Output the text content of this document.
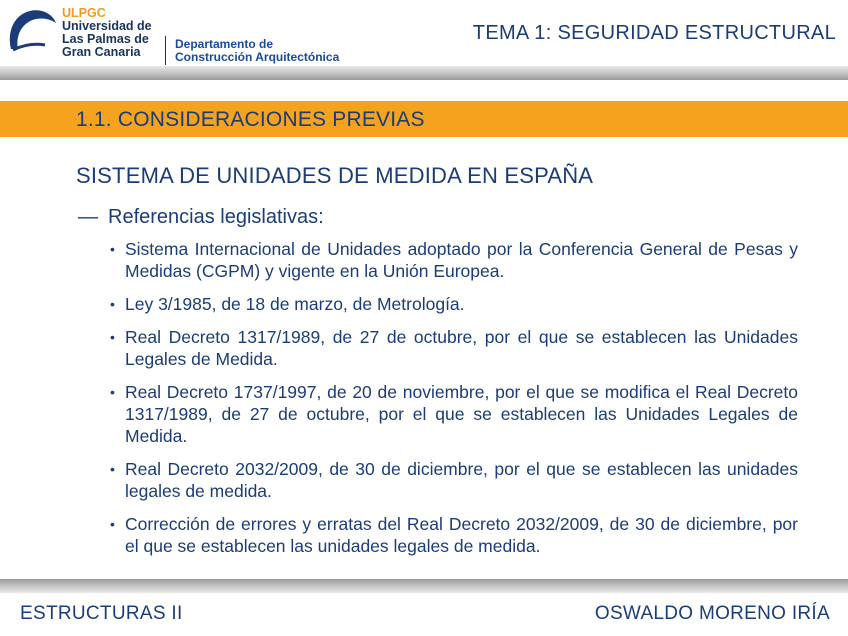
ULPGC
Universidad de
Las Palmas de
Gran Canaria
Departamento de
Construcción Arquitectónica
TEMA 1: SEGURIDAD ESTRUCTURAL
1.1. CONSIDERACIONES PREVIAS
SISTEMA DE UNIDADES DE MEDIDA EN ESPAÑA
— Referencias legislativas:
• Sistema Internacional de Unidades adoptado por la Conferencia General de Pesas y Medidas (CGPM) y vigente en la Unión Europea.
• Ley 3/1985, de 18 de marzo, de Metrología.
• Real Decreto 1317/1989, de 27 de octubre, por el que se establecen las Unidades Legales de Medida.
• Real Decreto 1737/1997, de 20 de noviembre, por el que se modifica el Real Decreto 1317/1989, de 27 de octubre, por el que se establecen las Unidades Legales de Medida.
• Real Decreto 2032/2009, de 30 de diciembre, por el que se establecen las unidades legales de medida.
• Corrección de errores y erratas del Real Decreto 2032/2009, de 30 de diciembre, por el que se establecen las unidades legales de medida.
ESTRUCTURAS II	OSWALDO MORENO IRÍA
